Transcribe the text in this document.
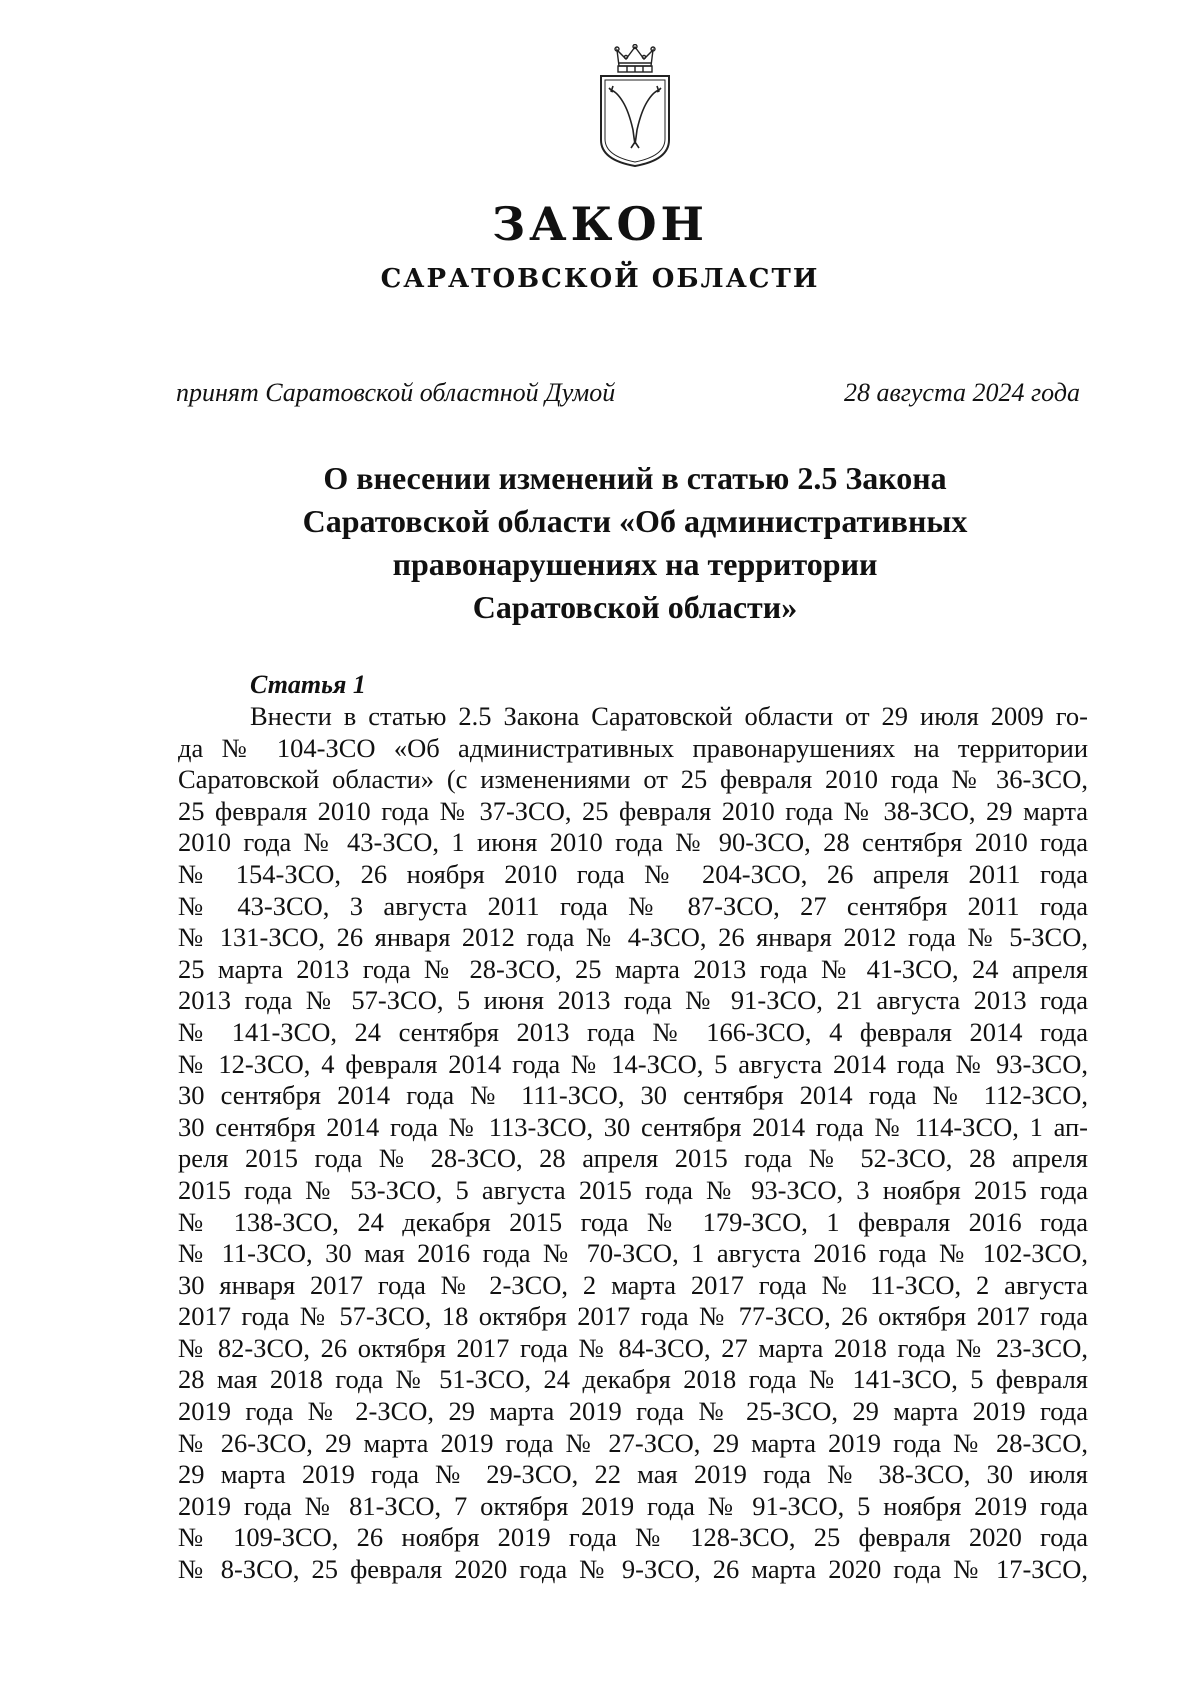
ЗАКОН
САРАТОВСКОЙ ОБЛАСТИ
принят Саратовской областной Думой	28 августа 2024 года
О внесении изменений в статью 2.5 Закона
Саратовской области «Об административных
правонарушениях на территории
Саратовской области»
Статья 1
Внести в статью 2.5 Закона Саратовской области от 29 июля 2009 го-
да № 104-ЗСО «Об административных правонарушениях на территории
Саратовской области» (с изменениями от 25 февраля 2010 года № 36-ЗСО,
25 февраля 2010 года № 37-ЗСО, 25 февраля 2010 года № 38-ЗСО, 29 марта
2010 года № 43-ЗСО, 1 июня 2010 года № 90-ЗСО, 28 сентября 2010 года
№ 154-ЗСО, 26 ноября 2010 года № 204-ЗСО, 26 апреля 2011 года
№ 43-ЗСО, 3 августа 2011 года № 87-ЗСО, 27 сентября 2011 года
№ 131-ЗСО, 26 января 2012 года № 4-ЗСО, 26 января 2012 года № 5-ЗСО,
25 марта 2013 года № 28-ЗСО, 25 марта 2013 года № 41-ЗСО, 24 апреля
2013 года № 57-ЗСО, 5 июня 2013 года № 91-ЗСО, 21 августа 2013 года
№ 141-ЗСО, 24 сентября 2013 года № 166-ЗСО, 4 февраля 2014 года
№ 12-ЗСО, 4 февраля 2014 года № 14-ЗСО, 5 августа 2014 года № 93-ЗСО,
30 сентября 2014 года № 111-ЗСО, 30 сентября 2014 года № 112-ЗСО,
30 сентября 2014 года № 113-ЗСО, 30 сентября 2014 года № 114-ЗСО, 1 ап-
реля 2015 года № 28-ЗСО, 28 апреля 2015 года № 52-ЗСО, 28 апреля
2015 года № 53-ЗСО, 5 августа 2015 года № 93-ЗСО, 3 ноября 2015 года
№ 138-ЗСО, 24 декабря 2015 года № 179-ЗСО, 1 февраля 2016 года
№ 11-ЗСО, 30 мая 2016 года № 70-ЗСО, 1 августа 2016 года № 102-ЗСО,
30 января 2017 года № 2-ЗСО, 2 марта 2017 года № 11-ЗСО, 2 августа
2017 года № 57-ЗСО, 18 октября 2017 года № 77-ЗСО, 26 октября 2017 года
№ 82-ЗСО, 26 октября 2017 года № 84-ЗСО, 27 марта 2018 года № 23-ЗСО,
28 мая 2018 года № 51-ЗСО, 24 декабря 2018 года № 141-ЗСО, 5 февраля
2019 года № 2-ЗСО, 29 марта 2019 года № 25-ЗСО, 29 марта 2019 года
№ 26-ЗСО, 29 марта 2019 года № 27-ЗСО, 29 марта 2019 года № 28-ЗСО,
29 марта 2019 года № 29-ЗСО, 22 мая 2019 года № 38-ЗСО, 30 июля
2019 года № 81-ЗСО, 7 октября 2019 года № 91-ЗСО, 5 ноября 2019 года
№ 109-ЗСО, 26 ноября 2019 года № 128-ЗСО, 25 февраля 2020 года
№ 8-ЗСО, 25 февраля 2020 года № 9-ЗСО, 26 марта 2020 года № 17-ЗСО,
